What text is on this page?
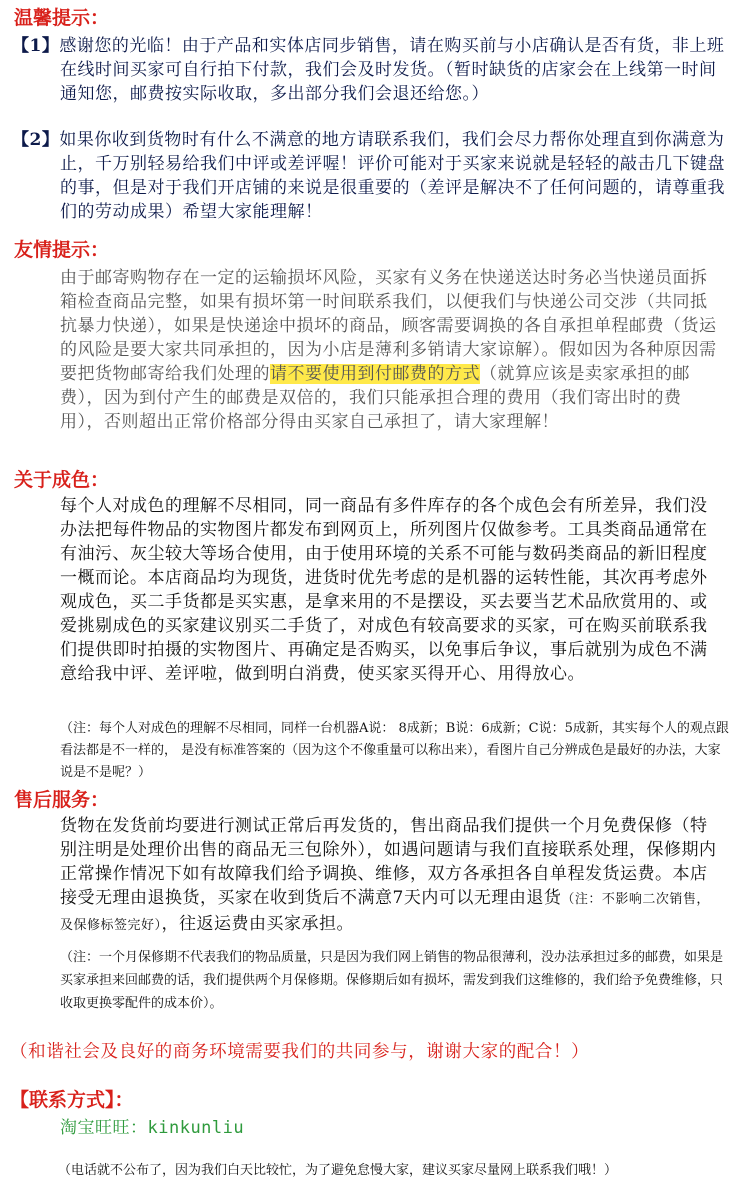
温馨提示：
【1】感谢您的光临！由于产品和实体店同步销售，请在购买前与小店确认是否有货，非上班在线时间买家可自行拍下付款，我们会及时发货。（暂时缺货的店家会在上线第一时间通知您，邮费按实际收取，多出部分我们会退还给您。）
【2】如果你收到货物时有什么不满意的地方请联系我们，我们会尽力帮你处理直到你满意为止，千万别轻易给我们中评或差评喔！评价可能对于买家来说就是轻轻的敲击几下键盘的事，但是对于我们开店铺的来说是很重要的（差评是解决不了任何问题的，请尊重我们的劳动成果）希望大家能理解！
友情提示：
由于邮寄购物存在一定的运输损坏风险，买家有义务在快递送达时务必当快递员面拆箱检查商品完整，如果有损坏第一时间联系我们，以便我们与快递公司交涉（共同抵抗暴力快递），如果是快递途中损坏的商品，顾客需要调换的各自承担单程邮费（货运的风险是要大家共同承担的，因为小店是薄利多销请大家谅解）。假如因为各种原因需要把货物邮寄给我们处理的请不要使用到付邮费的方式（就算应该是卖家承担的邮费），因为到付产生的邮费是双倍的，我们只能承担合理的费用（我们寄出时的费用），否则超出正常价格部分得由买家自己承担了，请大家理解！
关于成色：
每个人对成色的理解不尽相同，同一商品有多件库存的各个成色会有所差异，我们没办法把每件物品的实物图片都发布到网页上，所列图片仅做参考。工具类商品通常在有油污、灰尘较大等场合使用，由于使用环境的关系不可能与数码类商品的新旧程度一概而论。本店商品均为现货，进货时优先考虑的是机器的运转性能，其次再考虑外观成色，买二手货都是买实惠，是拿来用的不是摆设，买去要当艺术品欣赏用的、或爱挑剔成色的买家建议别买二手货了，对成色有较高要求的买家，可在购买前联系我们提供即时拍摄的实物图片、再确定是否购买，以免事后争议，事后就别为成色不满意给我中评、差评啦，做到明白消费，使买家买得开心、用得放心。
（注：每个人对成色的理解不尽相同，同样一台机器A说： 8成新；B说：6成新；C说：5成新，其实每个人的观点跟看法都是不一样的， 是没有标准答案的（因为这个不像重量可以称出来），看图片自己分辨成色是最好的办法，大家说是不是呢？）
售后服务：
货物在发货前均要进行测试正常后再发货的，售出商品我们提供一个月免费保修（特别注明是处理价出售的商品无三包除外），如遇问题请与我们直接联系处理，保修期内正常操作情况下如有故障我们给予调换、维修，双方各承担各自单程发货运费。本店接受无理由退换货，买家在收到货后不满意7天内可以无理由退货（注：不影响二次销售，及保修标签完好），往返运费由买家承担。
（注：一个月保修期不代表我们的物品质量，只是因为我们网上销售的物品很薄利，没办法承担过多的邮费，如果是买家承担来回邮费的话，我们提供两个月保修期。保修期后如有损坏，需发到我们这维修的，我们给予免费维修，只收取更换零配件的成本价）。
（和谐社会及良好的商务环境需要我们的共同参与，谢谢大家的配合！）
【联系方式】：
淘宝旺旺：kinkunliu
（电话就不公布了，因为我们白天比较忙，为了避免怠慢大家，建议买家尽量网上联系我们哦！）
